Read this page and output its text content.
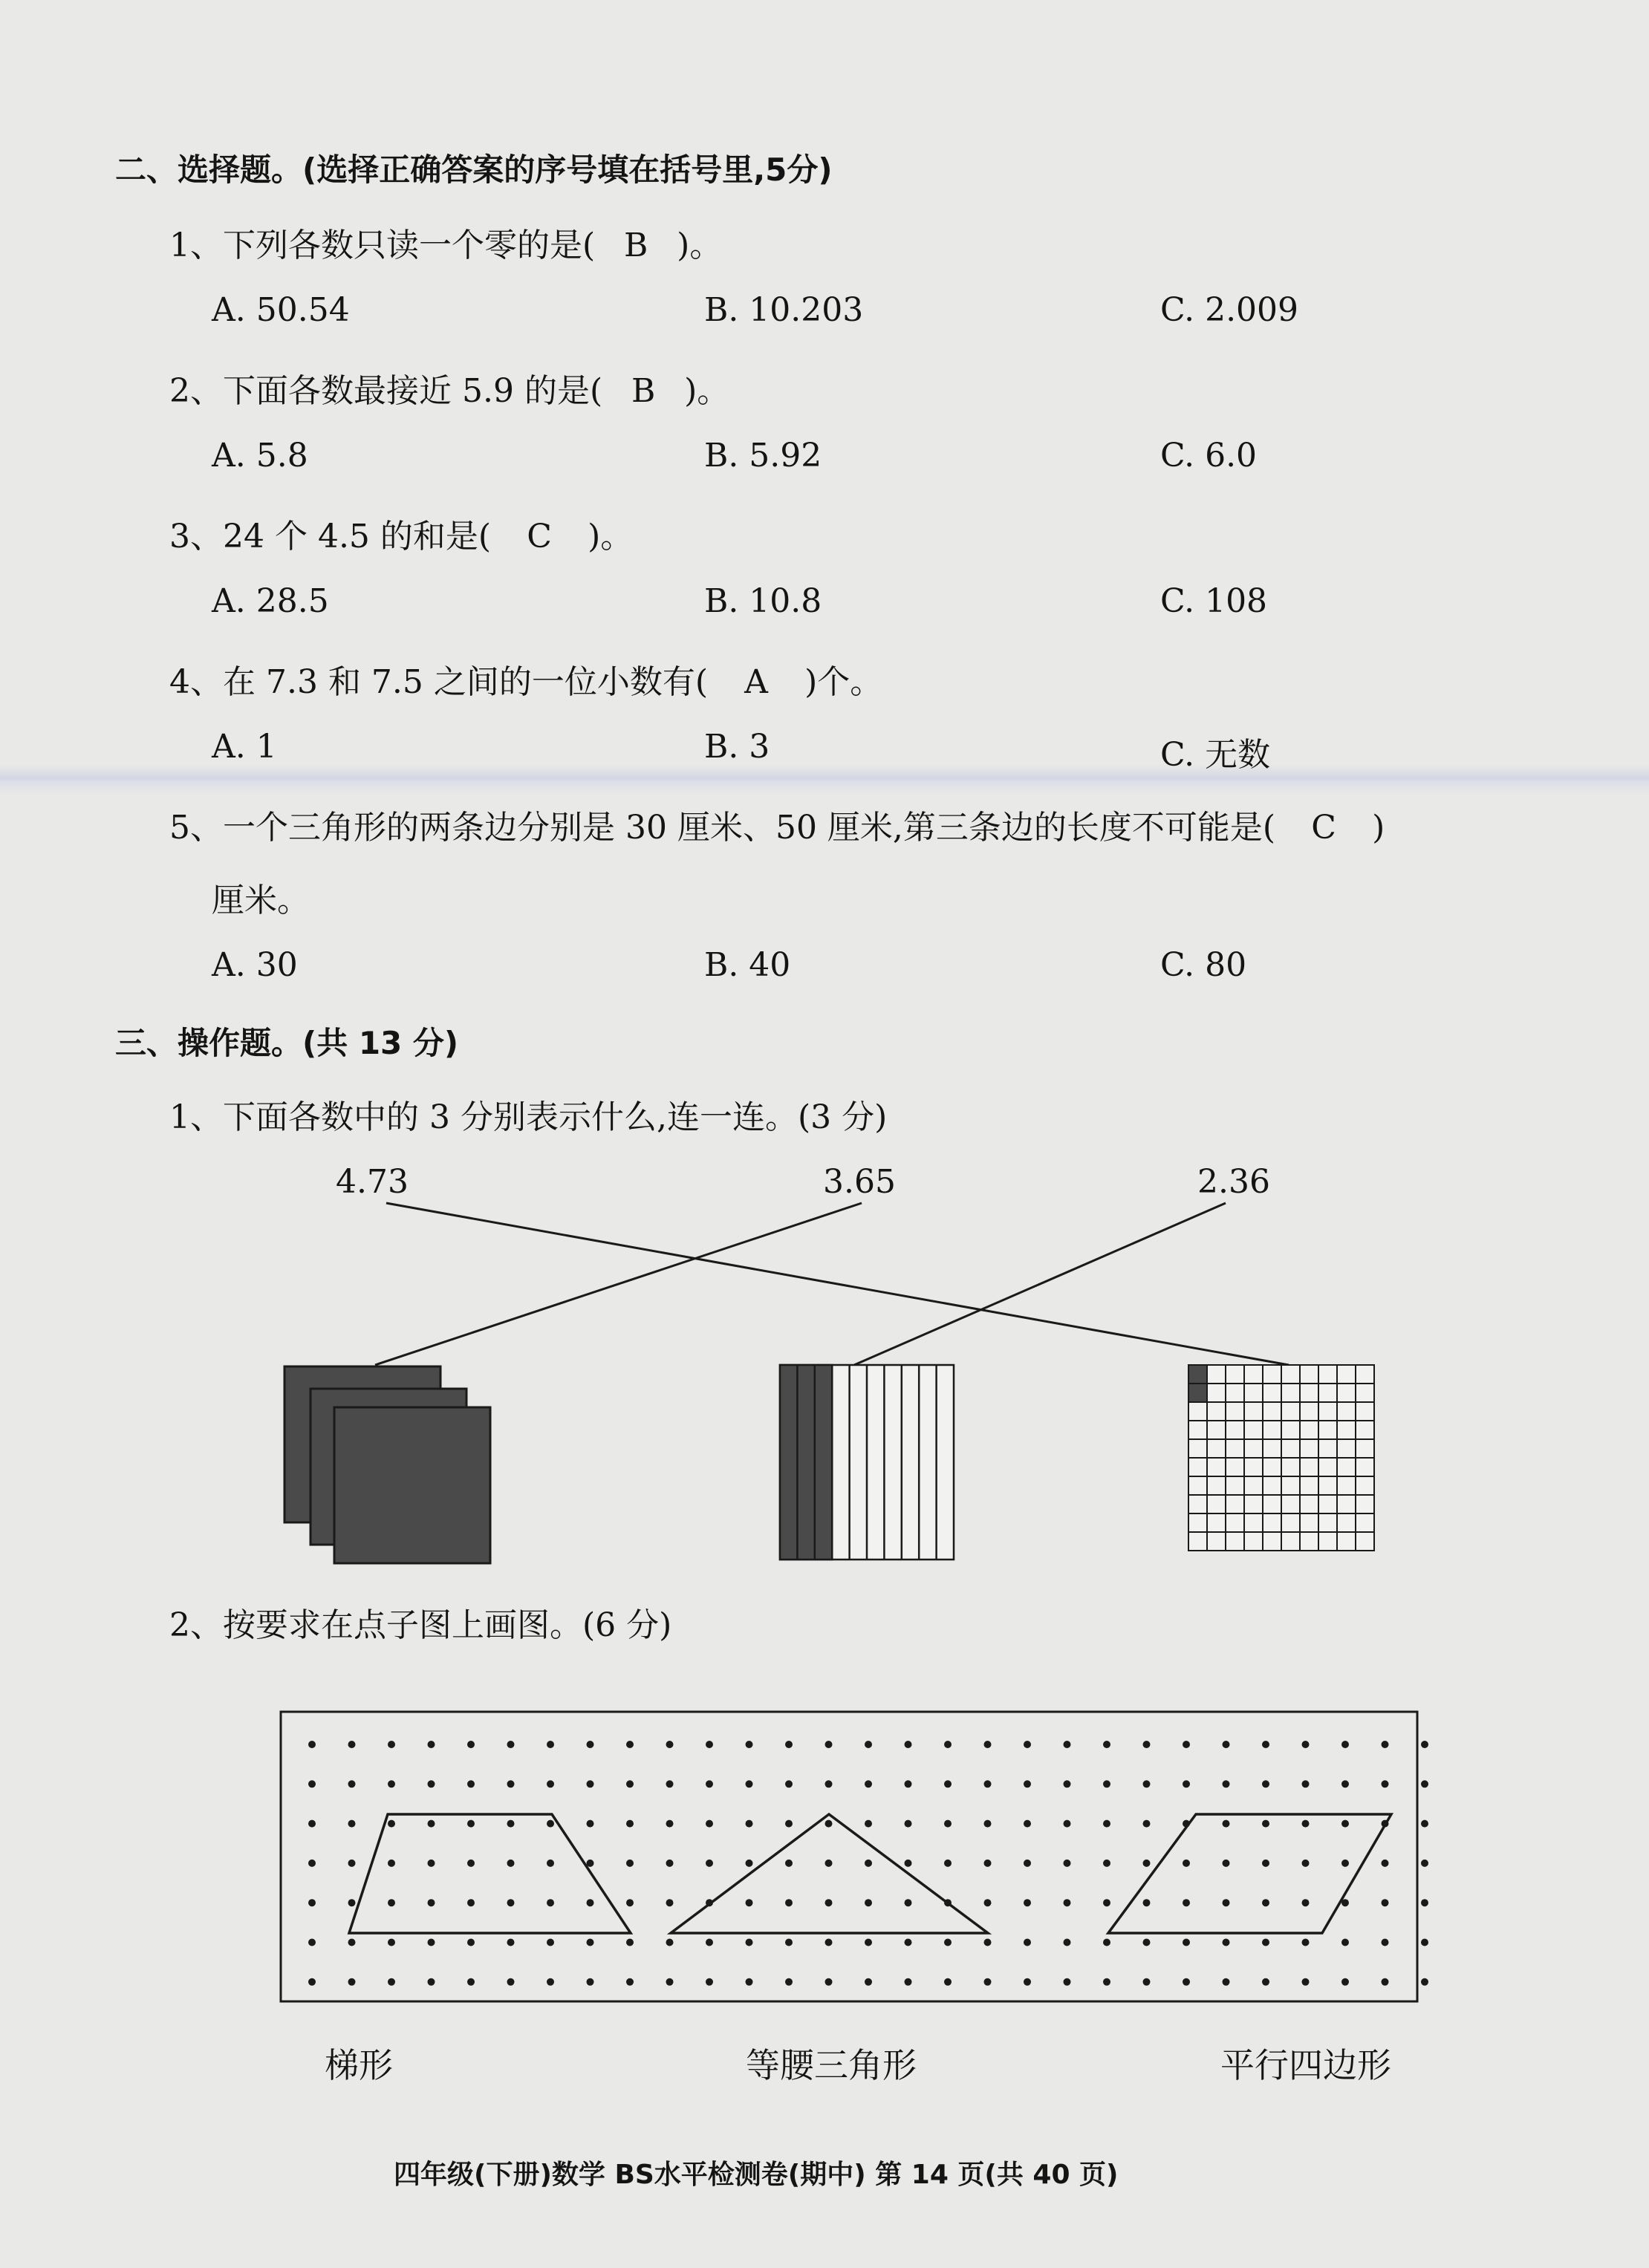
二、选择题。(选择正确答案的序号填在括号里,5分)
1、下列各数只读一个零的是( B )。
A. 50.54	B. 10.203	C. 2.009
2、下面各数最接近 5.9 的是( B )。
A. 5.8	B. 5.92	C. 6.0
3、24 个 4.5 的和是( C )。
A. 28.5	B. 10.8	C. 108
4、在 7.3 和 7.5 之间的一位小数有( A )个。
A. 1	B. 3	C. 无数
5、一个三角形的两条边分别是 30 厘米、50 厘米,第三条边的长度不可能是( C )
厘米。
A. 30	B. 40	C. 80
三、操作题。(共 13 分)
1、下面各数中的 3 分别表示什么,连一连。(3 分)
4.73	3.65	2.36
2、按要求在点子图上画图。(6 分)
梯形	等腰三角形	平行四边形
四年级(下册)数学 BS水平检测卷(期中) 第 14 页(共 40 页)
